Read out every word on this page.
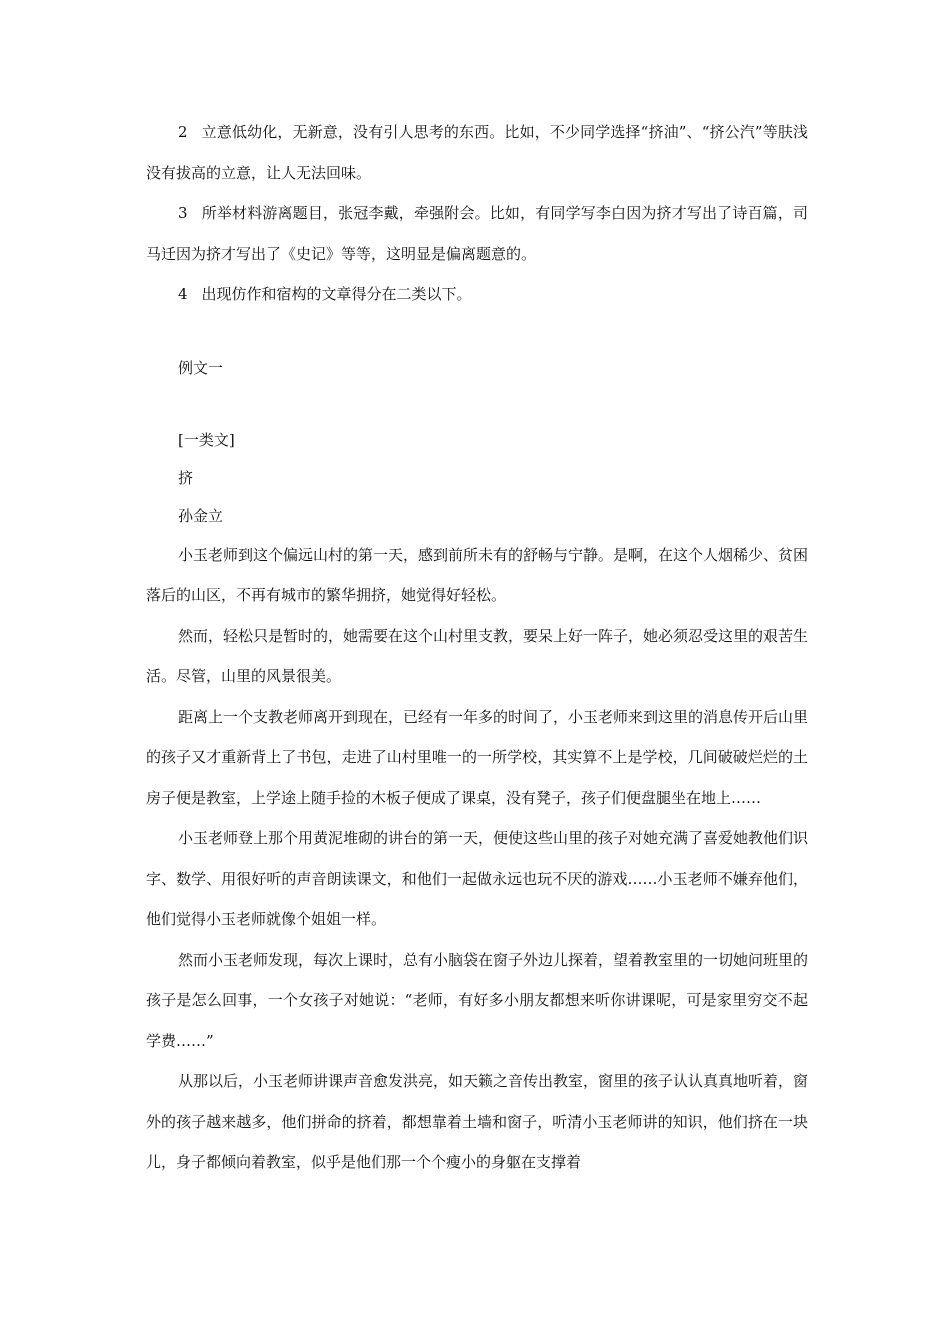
2 立意低幼化，无新意，没有引人思考的东西。比如，不少同学选择“挤油”、“挤公汽”等肤浅没有拔高的立意，让人无法回味。

3 所举材料游离题目，张冠李戴，牵强附会。比如，有同学写李白因为挤才写出了诗百篇，司马迁因为挤才写出了《史记》等等，这明显是偏离题意的。

4 出现仿作和宿构的文章得分在二类以下。

例文一

[一类文]

挤

孙金立

小玉老师到这个偏远山村的第一天，感到前所未有的舒畅与宁静。是啊，在这个人烟稀少、贫困落后的山区，不再有城市的繁华拥挤，她觉得好轻松。

然而，轻松只是暂时的，她需要在这个山村里支教，要呆上好一阵子，她必须忍受这里的艰苦生活。尽管，山里的风景很美。

距离上一个支教老师离开到现在，已经有一年多的时间了，小玉老师来到这里的消息传开后山里的孩子又才重新背上了书包，走进了山村里唯一的一所学校，其实算不上是学校，几间破破烂烂的土房子便是教室，上学途上随手捡的木板子便成了课桌，没有凳子，孩子们便盘腿坐在地上……

小玉老师登上那个用黄泥堆砌的讲台的第一天，便使这些山里的孩子对她充满了喜爱她教他们识字、数学、用很好听的声音朗读课文，和他们一起做永远也玩不厌的游戏……小玉老师不嫌弃他们，他们觉得小玉老师就像个姐姐一样。

然而小玉老师发现，每次上课时，总有小脑袋在窗子外边儿探着，望着教室里的一切她问班里的孩子是怎么回事，一个女孩子对她说：“老师，有好多小朋友都想来听你讲课呢，可是家里穷交不起学费……”

从那以后，小玉老师讲课声音愈发洪亮，如天籁之音传出教室，窗里的孩子认认真真地听着，窗外的孩子越来越多，他们拼命的挤着，都想靠着土墙和窗子，听清小玉老师讲的知识，他们挤在一块儿，身子都倾向着教室，似乎是他们那一个个瘦小的身躯在支撑着
